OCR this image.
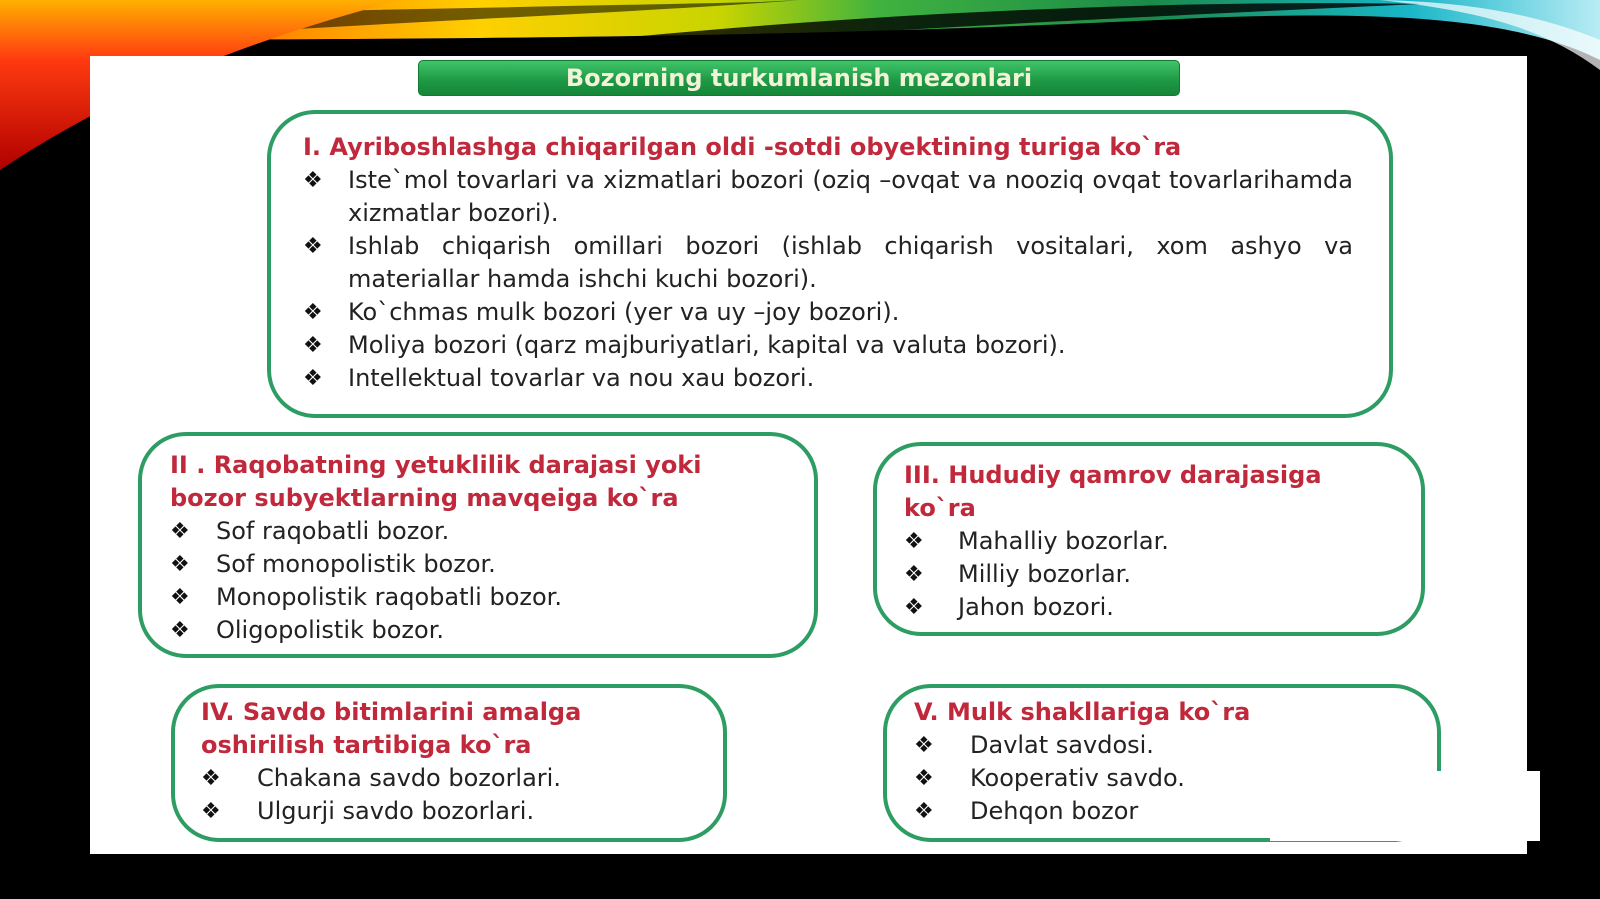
Bozorning turkumlanish mezonlari

I. Ayriboshlashga chiqarilgan oldi -sotdi obyektining turiga ko`ra

❖	Iste`mol tovarlari va xizmatlari bozori (oziq –ovqat va nooziq ovqat tovarlarihamda xizmatlar bozori).
❖	Ishlab chiqarish omillari bozori (ishlab chiqarish vositalari, xom ashyo va materiallar hamda ishchi kuchi bozori).
❖	Ko`chmas mulk bozori (yer va uy –joy bozori).
❖	Moliya bozori (qarz majburiyatlari, kapital va valuta bozori).
❖	Intellektual tovarlar va nou xau bozori.

II . Raqobatning yetuklilik darajasi yoki
bozor subyektlarning mavqeiga ko`ra

❖	Sof raqobatli bozor.
❖	Sof monopolistik bozor.
❖	Monopolistik raqobatli bozor.
❖	Oligopolistik bozor.

III. Hududiy qamrov darajasiga
ko`ra

❖	Mahalliy bozorlar.
❖	Milliy bozorlar.
❖	Jahon bozori.

IV. Savdo bitimlarini amalga
oshirilish tartibiga ko`ra

❖	Chakana savdo bozorlari.
❖	Ulgurji savdo bozorlari.

V. Mulk shakllariga ko`ra

❖	Davlat savdosi.
❖	Kooperativ savdo.
❖	Dehqon bozor
